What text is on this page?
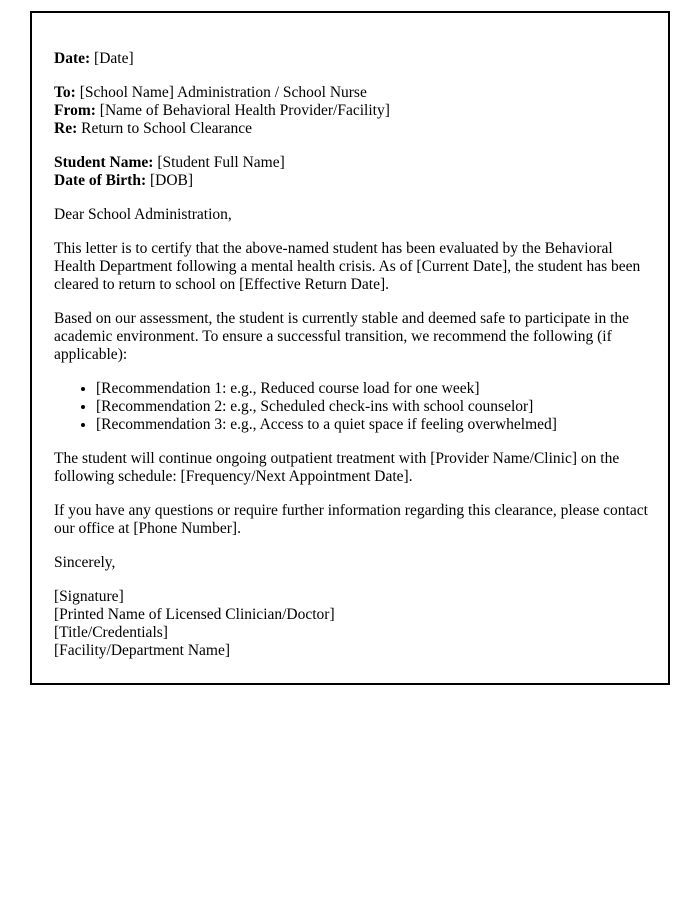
Date: [Date]

To: [School Name] Administration / School Nurse
From: [Name of Behavioral Health Provider/Facility]
Re: Return to School Clearance
Student Name: [Student Full Name]
Date of Birth: [DOB]

Dear School Administration,

This letter is to certify that the above-named student has been evaluated by the Behavioral Health Department following a mental health crisis. As of [Current Date], the student has been cleared to return to school on [Effective Return Date].

Based on our assessment, the student is currently stable and deemed safe to participate in the academic environment. To ensure a successful transition, we recommend the following (if applicable):

• [Recommendation 1: e.g., Reduced course load for one week]
• [Recommendation 2: e.g., Scheduled check-ins with school counselor]
• [Recommendation 3: e.g., Access to a quiet space if feeling overwhelmed]

The student will continue ongoing outpatient treatment with [Provider Name/Clinic] on the following schedule: [Frequency/Next Appointment Date].

If you have any questions or require further information regarding this clearance, please contact our office at [Phone Number].

Sincerely,

[Signature]
[Printed Name of Licensed Clinician/Doctor]
[Title/Credentials]
[Facility/Department Name]
